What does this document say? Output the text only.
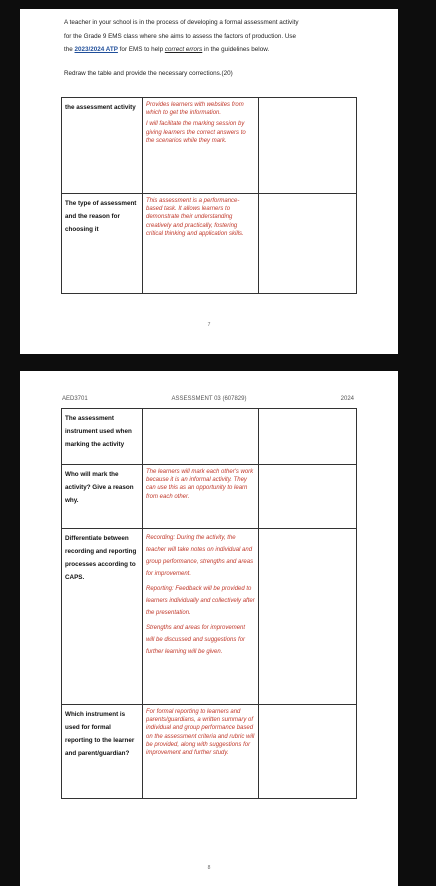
A teacher in your school is in the process of developing a formal assessment activity
for the Grade 9 EMS class where she aims to assess the factors of production. Use
the 2023/2024 ATP for EMS to help correct errors in the guidelines below.
Redraw the table and provide the necessary corrections.(20)
the assessment activity	Provides learners with websites from which to get the information.

I will facilitate the marking session by giving learners the correct answers to the scenarios while they mark.	

The type of assessment and the reason for choosing it	This assessment is a performance-based task. It allows learners to demonstrate their understanding creatively and practically, fostering critical thinking and application skills.	

7
AED3701	ASSESSMENT 03 (607829)	2024
The assessment instrument used when marking the activity		
Who will mark the activity? Give a reason why.	The learners will mark each other's work because it is an informal activity. They can use this as an opportunity to learn from each other.	

Differentiate between recording and reporting processes according to CAPS.	Recording: During the activity, the teacher will take notes on individual and group performance, strengths and areas for improvement.

Reporting: Feedback will be provided to learners individually and collectively after the presentation.

Strengths and areas for improvement will be discussed and suggestions for further learning will be given.	

Which instrument is used for formal reporting to the learner and parent/guardian?	For formal reporting to learners and parents/guardians, a written summary of individual and group performance based on the assessment criteria and rubric will be provided, along with suggestions for improvement and further study.	

8
